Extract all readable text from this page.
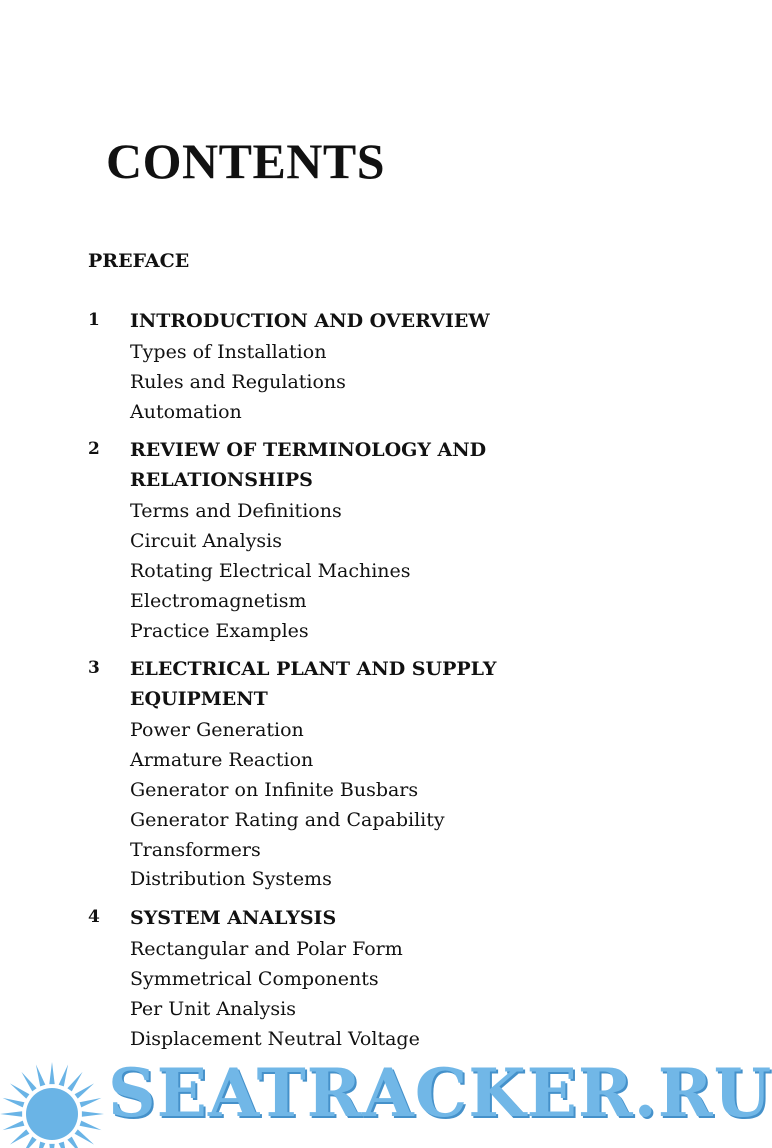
CONTENTS
PREFACE
1 INTRODUCTION AND OVERVIEW
Types of Installation
Rules and Regulations
Automation
2 REVIEW OF TERMINOLOGY AND RELATIONSHIPS
Terms and Definitions
Circuit Analysis
Rotating Electrical Machines
Electromagnetism
Practice Examples
3 ELECTRICAL PLANT AND SUPPLY EQUIPMENT
Power Generation
Armature Reaction
Generator on Infinite Busbars
Generator Rating and Capability
Transformers
Distribution Systems
4 SYSTEM ANALYSIS
Rectangular and Polar Form
Symmetrical Components
Per Unit Analysis
Displacement Neutral Voltage
SEATRACKER.RU
